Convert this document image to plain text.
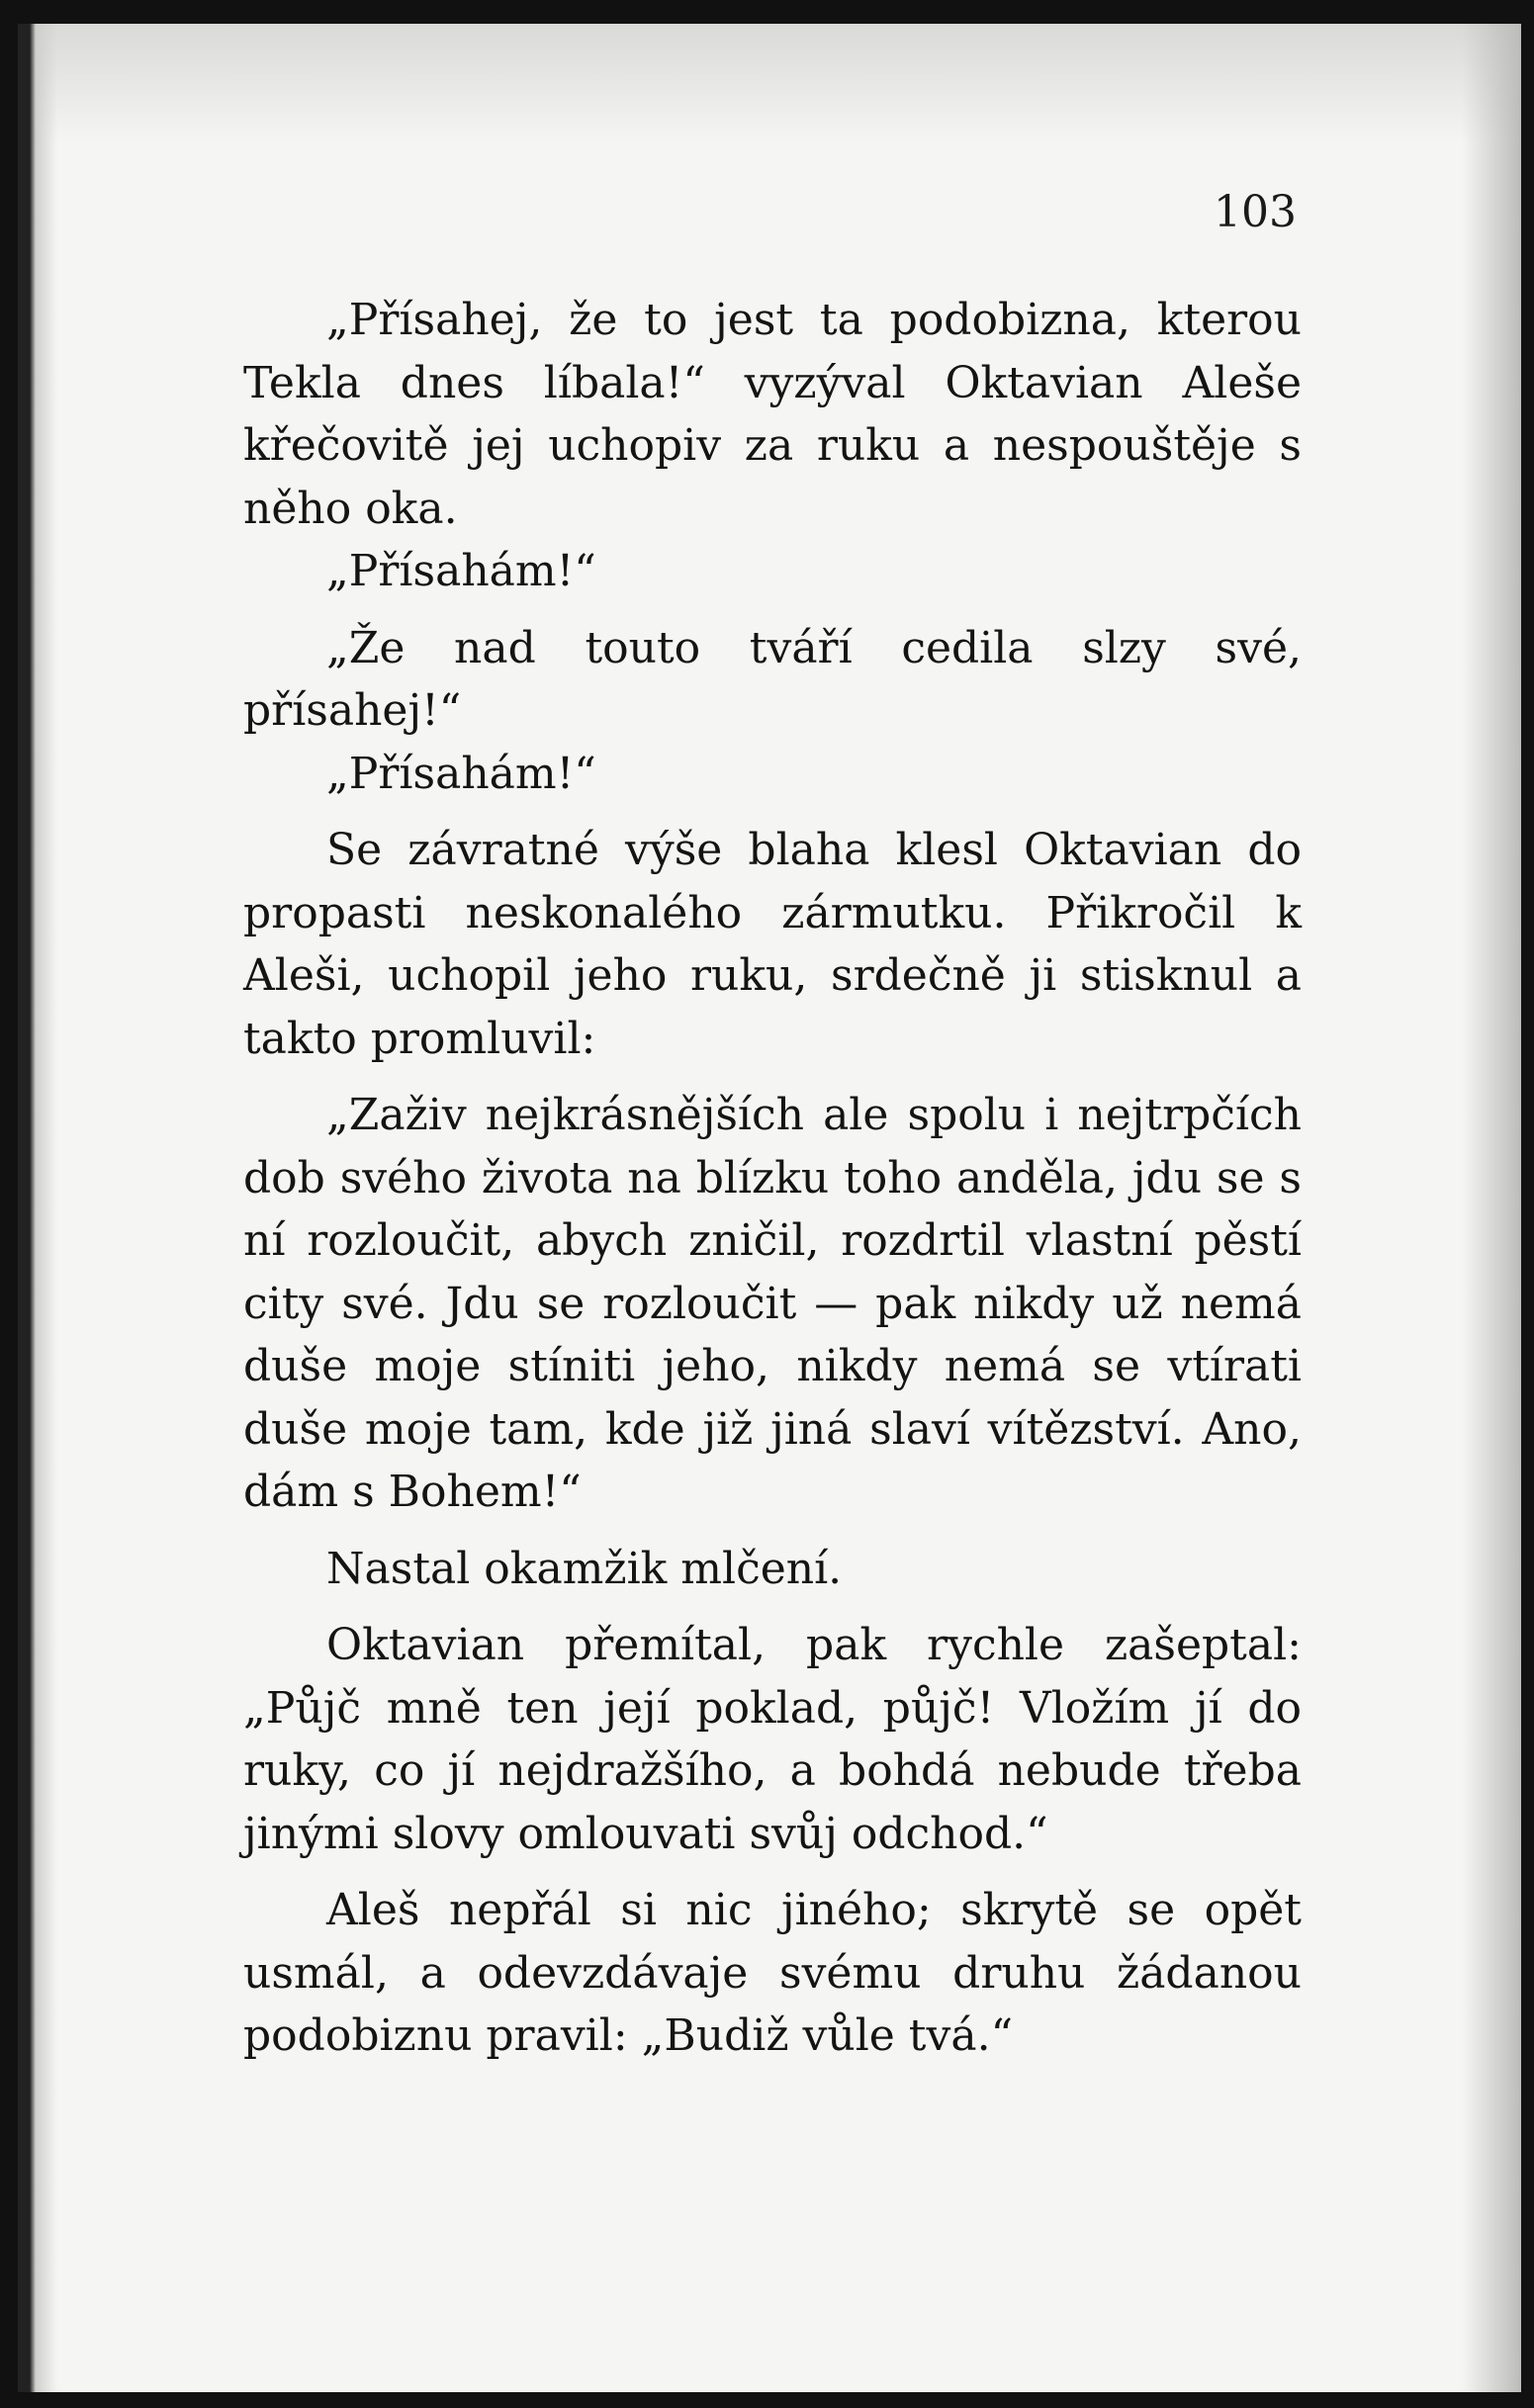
103

„Přísahej, že to jest ta podobizna, kterou Tekla dnes líbala!“ vyzýval Oktavian Aleše křečovitě jej uchopiv za ruku a nespouštěje s něho oka.

„Přísahám!“

„Že nad touto tváří cedila slzy své, přísahej!“

„Přísahám!“

Se závratné výše blaha klesl Oktavian do propasti neskonalého zármutku. Přikročil k Aleši, uchopil jeho ruku, srdečně ji stisknul a takto promluvil:

„Zaživ nejkrásnějších ale spolu i nejtrpčích dob svého života na blízku toho anděla, jdu se s ní rozloučit, abych zničil, rozdrtil vlastní pěstí city své. Jdu se rozloučit — pak nikdy už nemá duše moje stíniti jeho, nikdy nemá se vtírati duše moje tam, kde již jiná slaví vítězství. Ano, dám s Bohem!“

Nastal okamžik mlčení.

Oktavian přemítal, pak rychle zašeptal: „Půjč mně ten její poklad, půjč! Vložím jí do ruky, co jí nejdražšího, a bohdá nebude třeba jinými slovy omlouvati svůj odchod.“

Aleš nepřál si nic jiného; skrytě se opět usmál, a odevzdávaje svému druhu žádanou podobiznu pravil: „Budiž vůle tvá.“
